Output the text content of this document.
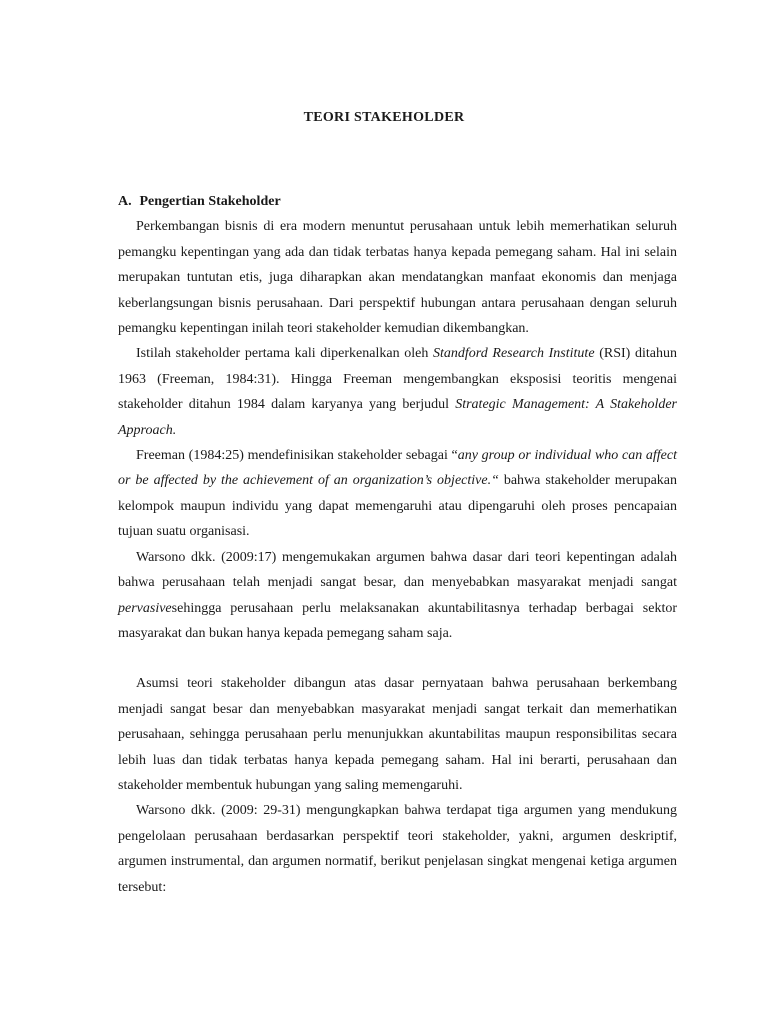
TEORI STAKEHOLDER
A. Pengertian Stakeholder

Perkembangan bisnis di era modern menuntut perusahaan untuk lebih memerhatikan seluruh pemangku kepentingan yang ada dan tidak terbatas hanya kepada pemegang saham. Hal ini selain merupakan tuntutan etis, juga diharapkan akan mendatangkan manfaat ekonomis dan menjaga keberlangsungan bisnis perusahaan. Dari perspektif hubungan antara perusahaan dengan seluruh pemangku kepentingan inilah teori stakeholder kemudian dikembangkan.

Istilah stakeholder pertama kali diperkenalkan oleh Standford Research Institute (RSI) ditahun 1963 (Freeman, 1984:31). Hingga Freeman mengembangkan eksposisi teoritis mengenai stakeholder ditahun 1984 dalam karyanya yang berjudul Strategic Management: A Stakeholder Approach.

Freeman (1984:25) mendefinisikan stakeholder sebagai “any group or individual who can affect or be affected by the achievement of an organization’s objective.“ bahwa stakeholder merupakan kelompok maupun individu yang dapat memengaruhi atau dipengaruhi oleh proses pencapaian tujuan suatu organisasi.

Warsono dkk. (2009:17) mengemukakan argumen bahwa dasar dari teori kepentingan adalah bahwa perusahaan telah menjadi sangat besar, dan menyebabkan masyarakat menjadi sangat pervasivesehingga perusahaan perlu melaksanakan akuntabilitasnya terhadap berbagai sektor masyarakat dan bukan hanya kepada pemegang saham saja.

Asumsi teori stakeholder dibangun atas dasar pernyataan bahwa perusahaan berkembang menjadi sangat besar dan menyebabkan masyarakat menjadi sangat terkait dan memerhatikan perusahaan, sehingga perusahaan perlu menunjukkan akuntabilitas maupun responsibilitas secara lebih luas dan tidak terbatas hanya kepada pemegang saham. Hal ini berarti, perusahaan dan stakeholder membentuk hubungan yang saling memengaruhi.

Warsono dkk. (2009: 29-31) mengungkapkan bahwa terdapat tiga argumen yang mendukung pengelolaan perusahaan berdasarkan perspektif teori stakeholder, yakni, argumen deskriptif, argumen instrumental, dan argumen normatif, berikut penjelasan singkat mengenai ketiga argumen tersebut:
